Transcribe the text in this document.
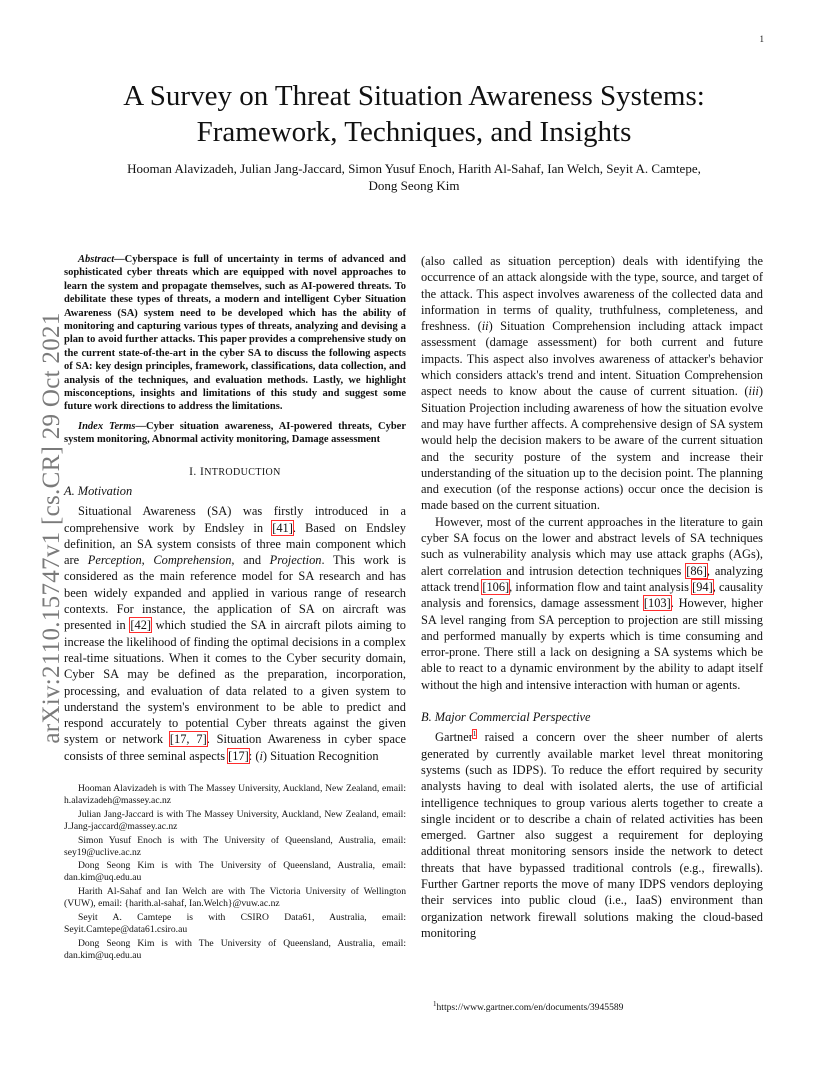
1
arXiv:2110.15747v1 [cs.CR] 29 Oct 2021
A Survey on Threat Situation Awareness Systems:
Framework, Techniques, and Insights
Hooman Alavizadeh, Julian Jang-Jaccard, Simon Yusuf Enoch, Harith Al-Sahaf, Ian Welch, Seyit A. Camtepe,
Dong Seong Kim

Abstract—Cyberspace is full of uncertainty in terms of advanced and sophisticated cyber threats which are equipped with novel approaches to learn the system and propagate themselves, such as AI-powered threats. To debilitate these types of threats, a modern and intelligent Cyber Situation Awareness (SA) system need to be developed which has the ability of monitoring and capturing various types of threats, analyzing and devising a plan to avoid further attacks. This paper provides a comprehensive study on the current state-of-the-art in the cyber SA to discuss the following aspects of SA: key design principles, framework, classifications, data collection, and analysis of the techniques, and evaluation methods. Lastly, we highlight misconceptions, insights and limitations of this study and suggest some future work directions to address the limitations.

Index Terms—Cyber situation awareness, AI-powered threats, Cyber system monitoring, Abnormal activity monitoring, Damage assessment

I. INTRODUCTION
A. Motivation

Situational Awareness (SA) was firstly introduced in a comprehensive work by Endsley in [41]. Based on Endsley definition, an SA system consists of three main component which are Perception, Comprehension, and Projection. This work is considered as the main reference model for SA research and has been widely expanded and applied in various range of research contexts. For instance, the application of SA on aircraft was presented in [42] which studied the SA in aircraft pilots aiming to increase the likelihood of finding the optimal decisions in a complex real-time situations. When it comes to the Cyber security domain, Cyber SA may be defined as the preparation, incorporation, processing, and evaluation of data related to a given system to understand the system's environment to be able to predict and respond accurately to potential Cyber threats against the given system or network [17, 7]. Situation Awareness in cyber space consists of three seminal aspects [17]: (i) Situation Recognition

Hooman Alavizadeh is with The Massey University, Auckland, New Zealand, email: h.alavizadeh@massey.ac.nz

Julian Jang-Jaccard is with The Massey University, Auckland, New Zealand, email: J.Jang-jaccard@massey.ac.nz

Simon Yusuf Enoch is with The University of Queensland, Australia, email: sey19@uclive.ac.nz

Dong Seong Kim is with The University of Queensland, Australia, email: dan.kim@uq.edu.au

Harith Al-Sahaf and Ian Welch are with The Victoria University of Wellington (VUW), email: {harith.al-sahaf, Ian.Welch}@vuw.ac.nz

Seyit A. Camtepe is with CSIRO Data61, Australia, email: Seyit.Camtepe@data61.csiro.au

Dong Seong Kim is with The University of Queensland, Australia, email: dan.kim@uq.edu.au

(also called as situation perception) deals with identifying the occurrence of an attack alongside with the type, source, and target of the attack. This aspect involves awareness of the collected data and information in terms of quality, truthfulness, completeness, and freshness. (ii) Situation Comprehension including attack impact assessment (damage assessment) for both current and future impacts. This aspect also involves awareness of attacker's behavior which considers attack's trend and intent. Situation Comprehension aspect needs to know about the cause of current situation. (iii) Situation Projection including awareness of how the situation evolve and may have further affects. A comprehensive design of SA system would help the decision makers to be aware of the current situation and the security posture of the system and increase their understanding of the situation up to the decision point. The planning and execution (of the response actions) occur once the decision is made based on the current situation.

However, most of the current approaches in the literature to gain cyber SA focus on the lower and abstract levels of SA techniques such as vulnerability analysis which may use attack graphs (AGs), alert correlation and intrusion detection techniques [86], analyzing attack trend [106], information flow and taint analysis [94], causality analysis and forensics, damage assessment [103]. However, higher SA level ranging from SA perception to projection are still missing and performed manually by experts which is time consuming and error-prone. There still a lack on designing a SA systems which be able to react to a dynamic environment by the ability to adapt itself without the high and intensive interaction with human or agents.

B. Major Commercial Perspective

Gartner$^1$ raised a concern over the sheer number of alerts generated by currently available market level threat monitoring systems (such as IDPS). To reduce the effort required by security analysts having to deal with isolated alerts, the use of artificial intelligence techniques to group various alerts together to create a single incident or to describe a chain of related activities has been emerged. Gartner also suggest a requirement for deploying additional threat monitoring sensors inside the network to detect threats that have bypassed traditional controls (e.g., firewalls). Further Gartner reports the move of many IDPS vendors deploying their services into public cloud (i.e., IaaS) environment than organization network firewall solutions making the cloud-based monitoring

$^1$https://www.gartner.com/en/documents/3945589
